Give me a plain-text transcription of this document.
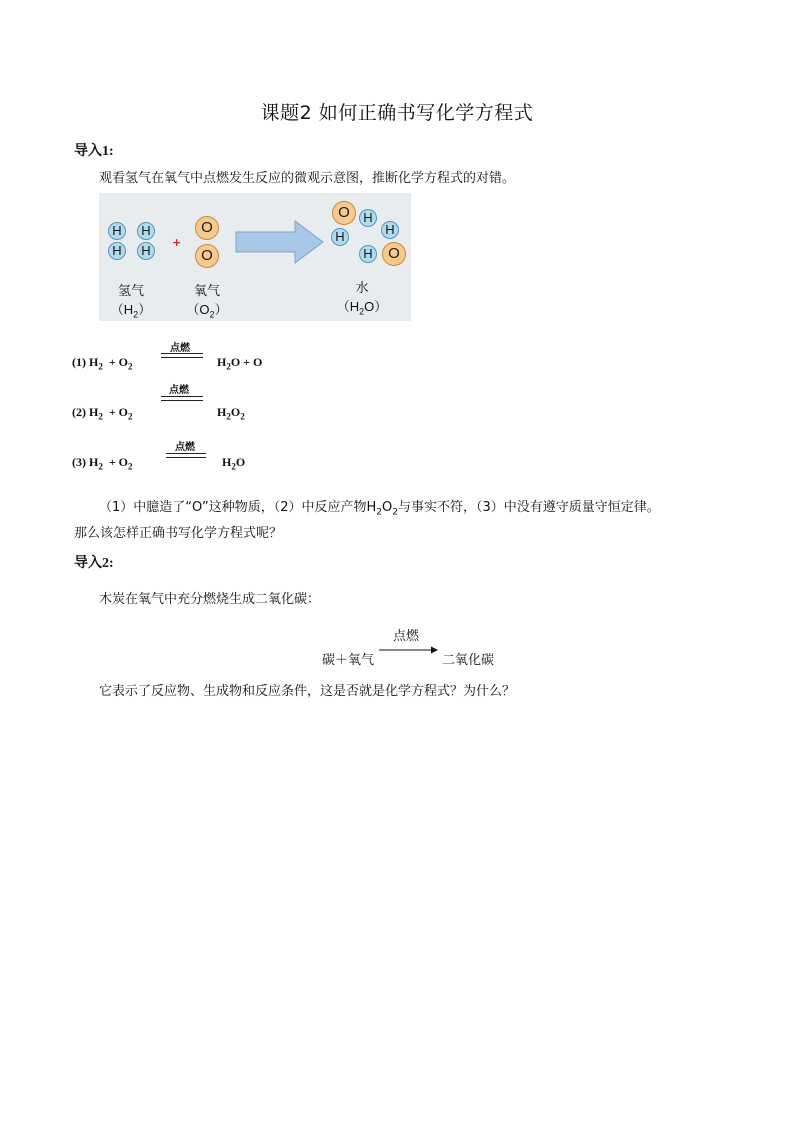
课题2 如何正确书写化学方程式
导入1:
观看氢气在氧气中点燃发生反应的微观示意图，推断化学方程式的对错。
H
H
H
H
+
O
O
O	H
H	H
H	O
氢气
$(H_2)$
氧气
$(O_2)$
水
$(H_2O)$
(1) $H_2 + O_2$
点燃
$H_2O + O$
(2) $H_2 + O_2$
点燃
$H_2O_2$
(3) $H_2 + O_2$
点燃
$H_2O$
（1）中臆造了“O”这种物质，（2）中反应产物$H_2O_2$与事实不符，（3）中没有遵守质量守恒定律。
那么该怎样正确书写化学方程式呢？
导入2:
木炭在氧气中充分燃烧生成二氧化碳：
碳＋氧气
点燃
二氧化碳
它表示了反应物、生成物和反应条件，这是否就是化学方程式？为什么？
